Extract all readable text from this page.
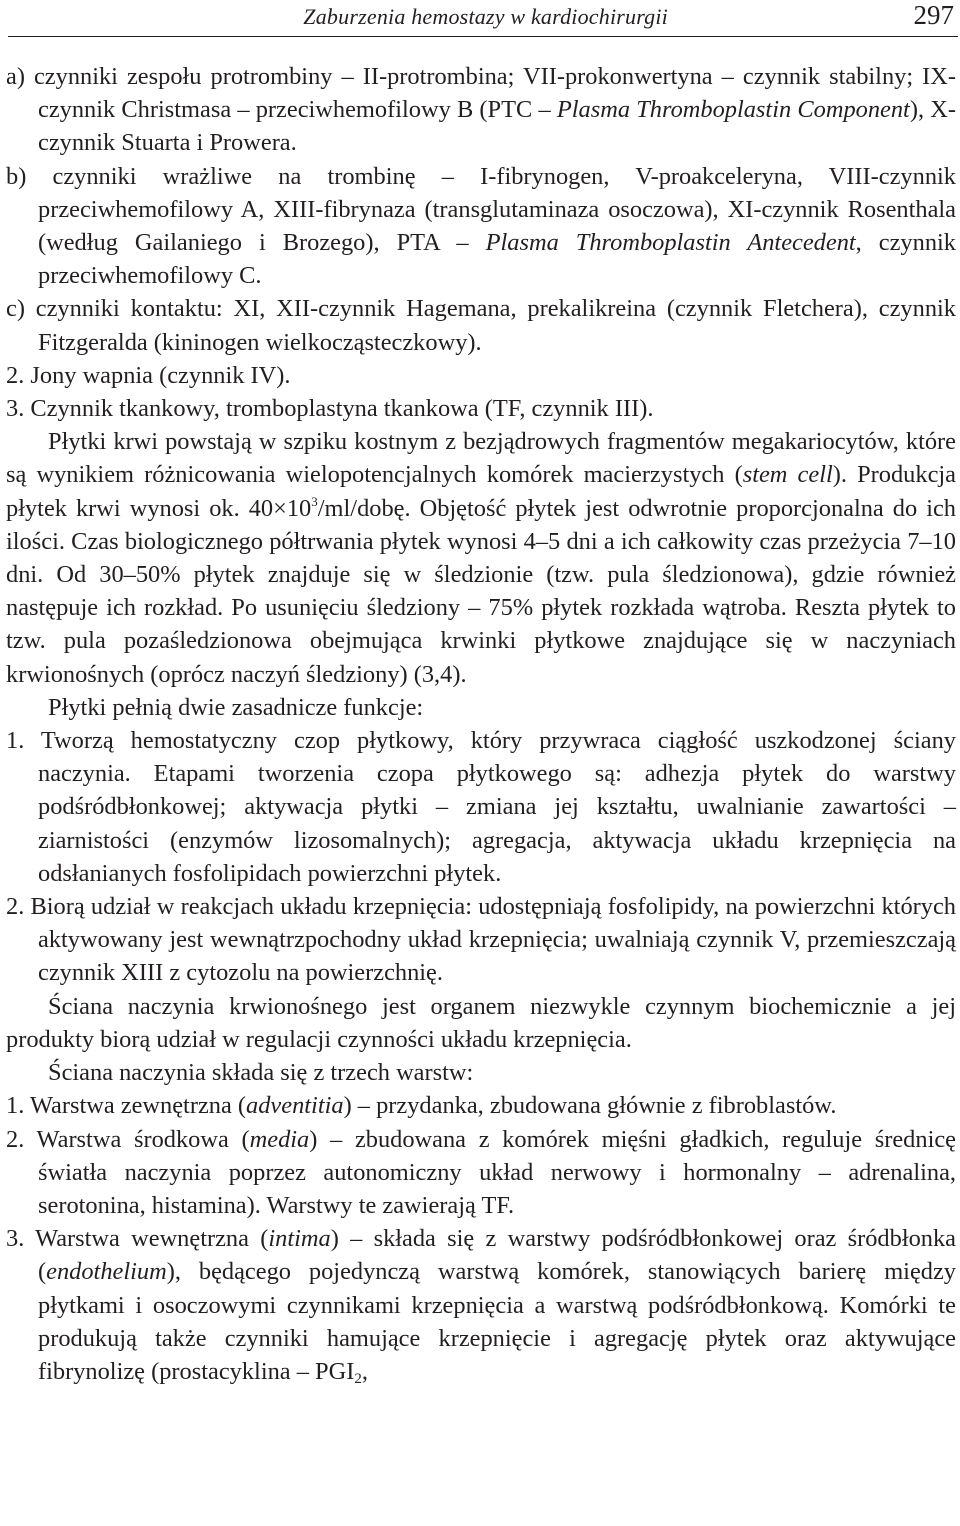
Zaburzenia hemostazy w kardiochirurgii	297

a) czynniki zespołu protrombiny – II-protrombina; VII-prokonwertyna – czynnik stabilny; IX-czynnik Christmasa – przeciwhemofilowy B (PTC – Plasma Thromboplastin Component), X-czynnik Stuarta i Prowera.

b) czynniki wrażliwe na trombinę – I-fibrynogen, V-proakceleryna, VIII-czynnik przeciwhemofilowy A, XIII-fibrynaza (transglutaminaza osoczowa), XI-czynnik Rosenthala (według Gailaniego i Brozego), PTA – Plasma Thromboplastin Antecedent, czynnik przeciwhemofilowy C.

c) czynniki kontaktu: XI, XII-czynnik Hagemana, prekalikreina (czynnik Fletchera), czynnik Fitzgeralda (kininogen wielkocząsteczkowy).

2. Jony wapnia (czynnik IV).

3. Czynnik tkankowy, tromboplastyna tkankowa (TF, czynnik III).

Płytki krwi powstają w szpiku kostnym z bezjądrowych fragmentów megakariocytów, które są wynikiem różnicowania wielopotencjalnych komórek macierzystych (stem cell). Produkcja płytek krwi wynosi ok. $40\times 10^3/ml$/dobę. Objętość płytek jest odwrotnie proporcjonalna do ich ilości. Czas biologicznego półtrwania płytek wynosi 4–5 dni a ich całkowity czas przeżycia 7–10 dni. Od 30–50% płytek znajduje się w śledzionie (tzw. pula śledzionowa), gdzie również następuje ich rozkład. Po usunięciu śledziony – 75% płytek rozkłada wątroba. Reszta płytek to tzw. pula pozaśledzionowa obejmująca krwinki płytkowe znajdujące się w naczyniach krwionośnych (oprócz naczyń śledziony) (3,4).

Płytki pełnią dwie zasadnicze funkcje:

1. Tworzą hemostatyczny czop płytkowy, który przywraca ciągłość uszkodzonej ściany naczynia. Etapami tworzenia czopa płytkowego są: adhezja płytek do warstwy podśródbłonkowej; aktywacja płytki – zmiana jej kształtu, uwalnianie zawartości – ziarnistości (enzymów lizosomalnych); agregacja, aktywacja układu krzepnięcia na odsłanianych fosfolipidach powierzchni płytek.

2. Biorą udział w reakcjach układu krzepnięcia: udostępniają fosfolipidy, na powierzchni których aktywowany jest wewnątrzpochodny układ krzepnięcia; uwalniają czynnik V, przemieszczają czynnik XIII z cytozolu na powierzchnię.

Ściana naczynia krwionośnego jest organem niezwykle czynnym biochemicznie a jej produkty biorą udział w regulacji czynności układu krzepnięcia.

Ściana naczynia składa się z trzech warstw:

1. Warstwa zewnętrzna (adventitia) – przydanka, zbudowana głównie z fibroblastów.

2. Warstwa środkowa (media) – zbudowana z komórek mięśni gładkich, reguluje średnicę światła naczynia poprzez autonomiczny układ nerwowy i hormonalny – adrenalina, serotonina, histamina). Warstwy te zawierają TF.

3. Warstwa wewnętrzna (intima) – składa się z warstwy podśródbłonkowej oraz śródbłonka (endothelium), będącego pojedynczą warstwą komórek, stanowiących barierę między płytkami i osoczowymi czynnikami krzepnięcia a warstwą podśródbłonkową. Komórki te produkują także czynniki hamujące krzepnięcie i agregację płytek oraz aktywujące fibrynolizę (prostacyklina – $PGI_2$,
